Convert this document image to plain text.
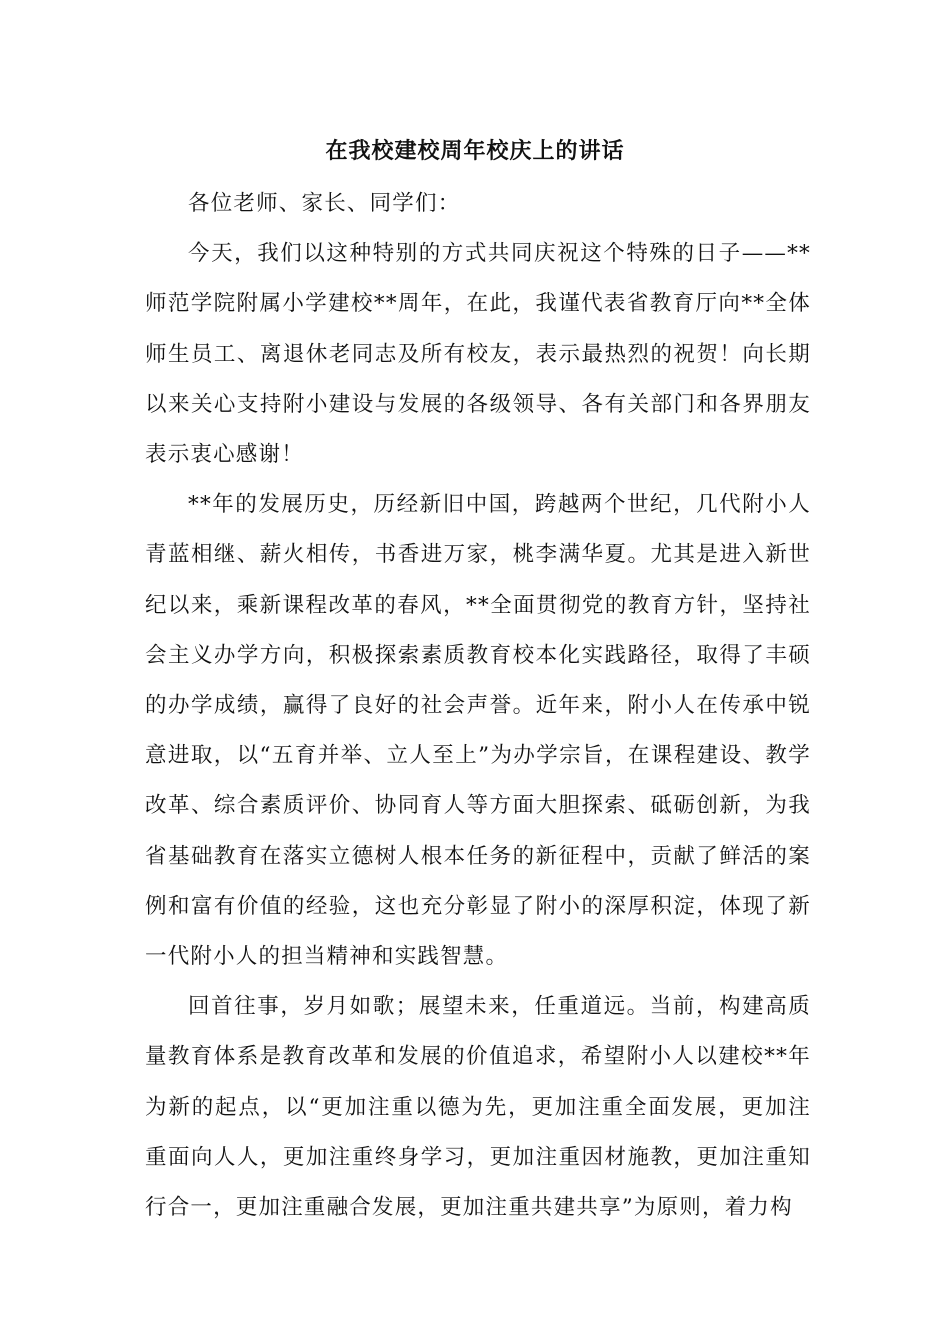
在我校建校周年校庆上的讲话

各位老师、家长、同学们：

今天，我们以这种特别的方式共同庆祝这个特殊的日子——**师范学院附属小学建校**周年，在此，我谨代表省教育厅向**全体师生员工、离退休老同志及所有校友，表示最热烈的祝贺！向长期以来关心支持附小建设与发展的各级领导、各有关部门和各界朋友表示衷心感谢！

**年的发展历史，历经新旧中国，跨越两个世纪，几代附小人青蓝相继、薪火相传，书香进万家，桃李满华夏。尤其是进入新世纪以来，乘新课程改革的春风，**全面贯彻党的教育方针，坚持社会主义办学方向，积极探索素质教育校本化实践路径，取得了丰硕的办学成绩，赢得了良好的社会声誉。近年来，附小人在传承中锐意进取，以“五育并举、立人至上”为办学宗旨，在课程建设、教学改革、综合素质评价、协同育人等方面大胆探索、砥砺创新，为我省基础教育在落实立德树人根本任务的新征程中，贡献了鲜活的案例和富有价值的经验，这也充分彰显了附小的深厚积淀，体现了新一代附小人的担当精神和实践智慧。

回首往事，岁月如歌；展望未来，任重道远。当前，构建高质量教育体系是教育改革和发展的价值追求，希望附小人以建校**年为新的起点，以“更加注重以德为先，更加注重全面发展，更加注重面向人人，更加注重终身学习，更加注重因材施教，更加注重知行合一，更加注重融合发展，更加注重共建共享”为原则，着力构
